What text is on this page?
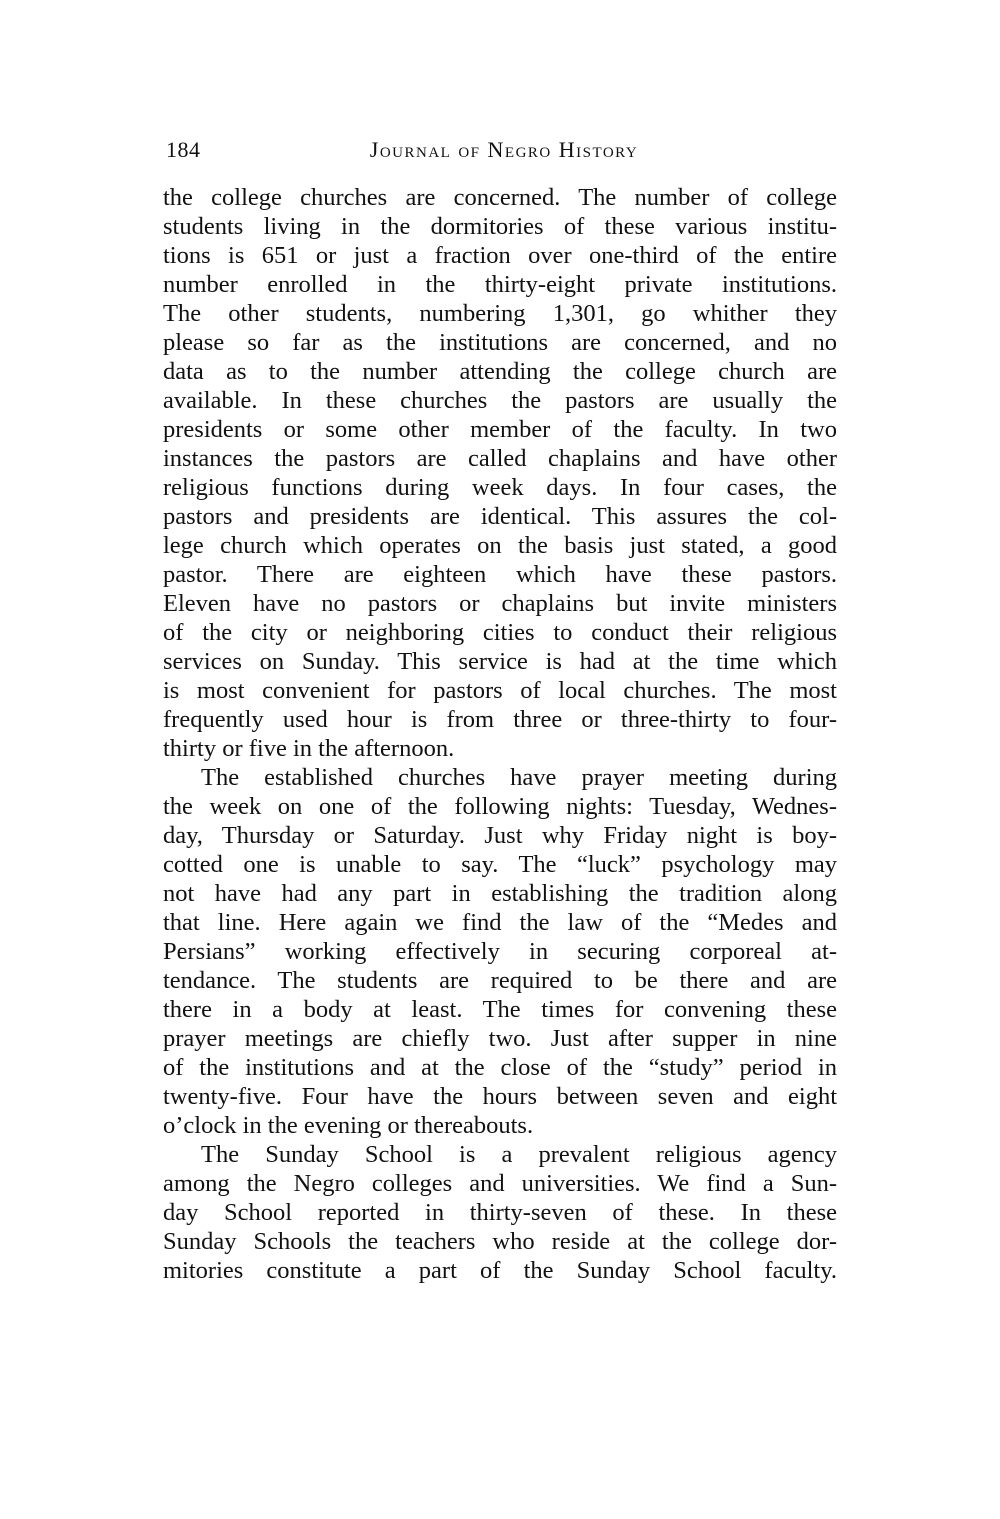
184	Journal of Negro History
the college churches are concerned. The number of college
students living in the dormitories of these various institu-
tions is 651 or just a fraction over one-third of the entire
number enrolled in the thirty-eight private institutions.
The other students, numbering 1,301, go whither they
please so far as the institutions are concerned, and no
data as to the number attending the college church are
available. In these churches the pastors are usually the
presidents or some other member of the faculty. In two
instances the pastors are called chaplains and have other
religious functions during week days. In four cases, the
pastors and presidents are identical. This assures the col-
lege church which operates on the basis just stated, a good
pastor. There are eighteen which have these pastors.
Eleven have no pastors or chaplains but invite ministers
of the city or neighboring cities to conduct their religious
services on Sunday. This service is had at the time which
is most convenient for pastors of local churches. The most
frequently used hour is from three or three-thirty to four-
thirty or five in the afternoon.
The established churches have prayer meeting during
the week on one of the following nights: Tuesday, Wednes-
day, Thursday or Saturday. Just why Friday night is boy-
cotted one is unable to say. The “luck” psychology may
not have had any part in establishing the tradition along
that line. Here again we find the law of the “Medes and
Persians” working effectively in securing corporeal at-
tendance. The students are required to be there and are
there in a body at least. The times for convening these
prayer meetings are chiefly two. Just after supper in nine
of the institutions and at the close of the “study” period in
twenty-five. Four have the hours between seven and eight
o’clock in the evening or thereabouts.
The Sunday School is a prevalent religious agency
among the Negro colleges and universities. We find a Sun-
day School reported in thirty-seven of these. In these
Sunday Schools the teachers who reside at the college dor-
mitories constitute a part of the Sunday School faculty.
